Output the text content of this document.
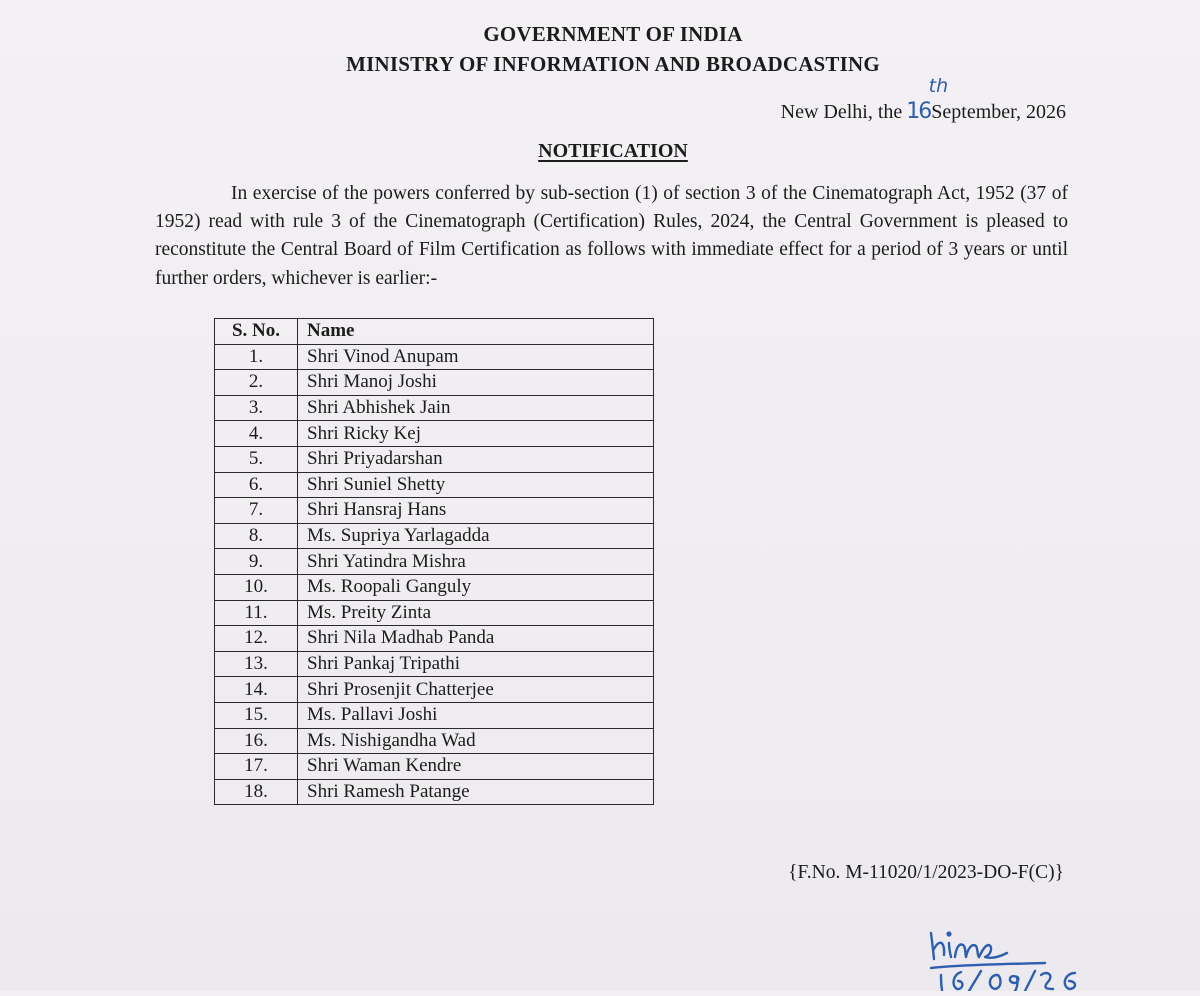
GOVERNMENT OF INDIA
MINISTRY OF INFORMATION AND BROADCASTING
New Delhi, the 16
th
September, 2026
NOTIFICATION

In exercise of the powers conferred by sub-section (1) of section 3 of the Cinematograph Act, 1952 (37 of 1952) read with rule 3 of the Cinematograph (Certification) Rules, 2024, the Central Government is pleased to reconstitute the Central Board of Film Certification as follows with immediate effect for a period of 3 years or until further orders, whichever is earlier:-

S. No.	Name
1.	Shri Vinod Anupam
2.	Shri Manoj Joshi
3.	Shri Abhishek Jain
4.	Shri Ricky Kej
5.	Shri Priyadarshan
6.	Shri Suniel Shetty
7.	Shri Hansraj Hans
8.	Ms. Supriya Yarlagadda
9.	Shri Yatindra Mishra
10.	Ms. Roopali Ganguly
11.	Ms. Preity Zinta
12.	Shri Nila Madhab Panda
13.	Shri Pankaj Tripathi
14.	Shri Prosenjit Chatterjee
15.	Ms. Pallavi Joshi
16.	Ms. Nishigandha Wad
17.	Shri Waman Kendre
18.	Shri Ramesh Patange
{F.No. M-11020/1/2023-DO-F(C)}
